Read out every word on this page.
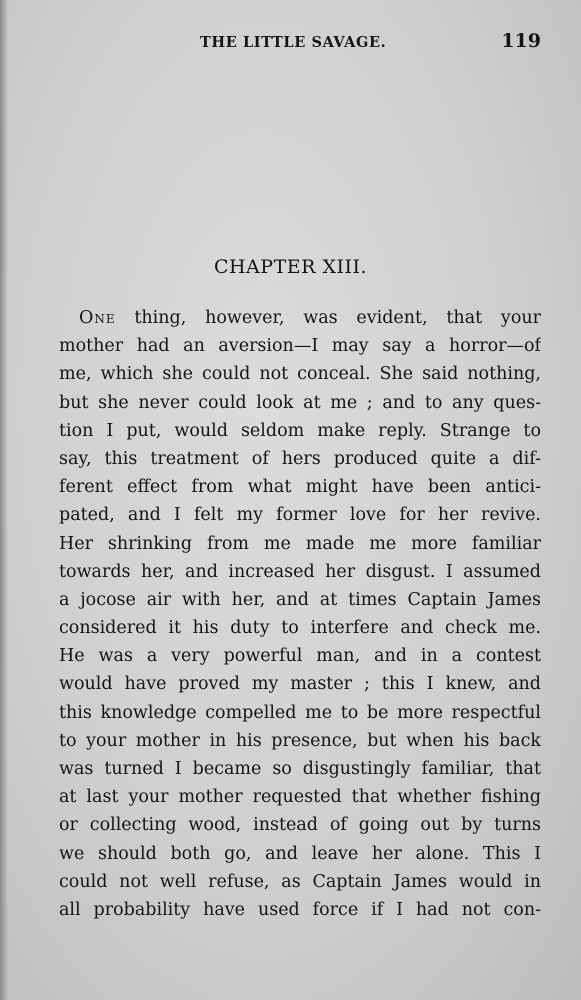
THE LITTLE SAVAGE.	119
CHAPTER XIII.
One thing, however, was evident, that your
mother had an aversion—I may say a horror—of
me, which she could not conceal. She said nothing,
but she never could look at me ; and to any ques-
tion I put, would seldom make reply. Strange to
say, this treatment of hers produced quite a dif-
ferent effect from what might have been antici-
pated, and I felt my former love for her revive.
Her shrinking from me made me more familiar
towards her, and increased her disgust. I assumed
a jocose air with her, and at times Captain James
considered it his duty to interfere and check me.
He was a very powerful man, and in a contest
would have proved my master ; this I knew, and
this knowledge compelled me to be more respectful
to your mother in his presence, but when his back
was turned I became so disgustingly familiar, that
at last your mother requested that whether fishing
or collecting wood, instead of going out by turns
we should both go, and leave her alone. This I
could not well refuse, as Captain James would in
all probability have used force if I had not con-
